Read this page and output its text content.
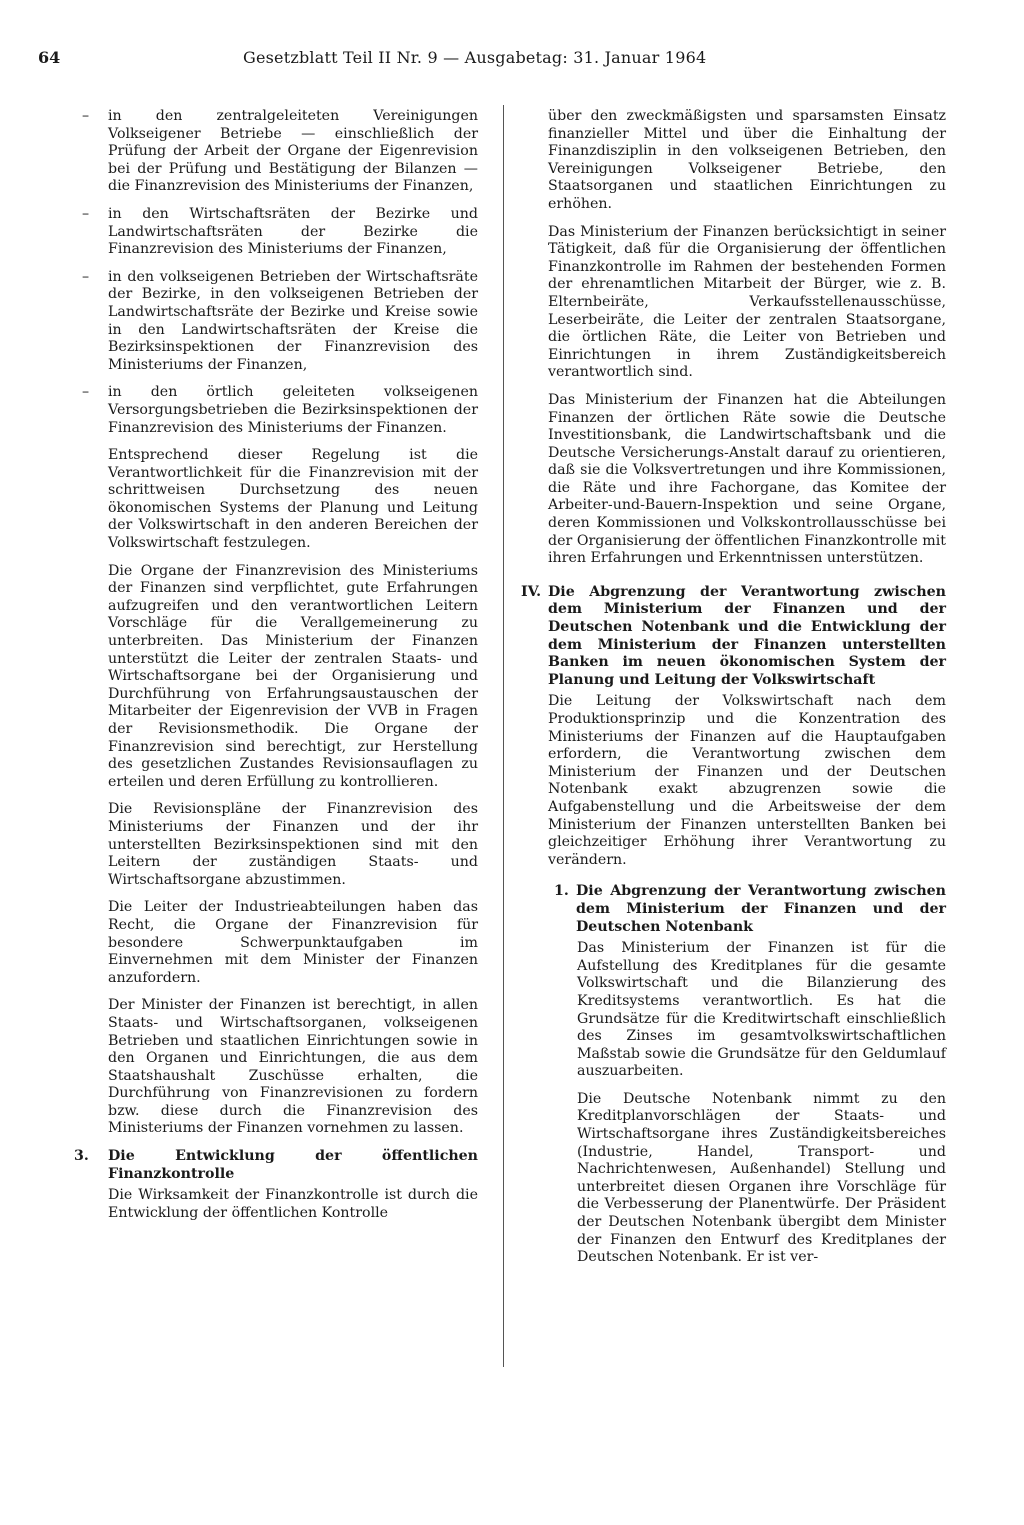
64	Gesetzblatt Teil II Nr. 9 — Ausgabetag: 31. Januar 1964

– in den zentralgeleiteten Vereinigungen Volkseigener Betriebe — einschließlich der Prüfung der Arbeit der Organe der Eigenrevision bei der Prüfung und Bestätigung der Bilanzen — die Finanzrevision des Ministeriums der Finanzen,

– in den Wirtschaftsräten der Bezirke und Landwirtschaftsräten der Bezirke die Finanzrevision des Ministeriums der Finanzen,

– in den volkseigenen Betrieben der Wirtschaftsräte der Bezirke, in den volkseigenen Betrieben der Landwirtschaftsräte der Bezirke und Kreise sowie in den Landwirtschaftsräten der Kreise die Bezirksinspektionen der Finanzrevision des Ministeriums der Finanzen,

– in den örtlich geleiteten volkseigenen Versorgungsbetrieben die Bezirksinspektionen der Finanzrevision des Ministeriums der Finanzen.

Entsprechend dieser Regelung ist die Verantwortlichkeit für die Finanzrevision mit der schrittweisen Durchsetzung des neuen ökonomischen Systems der Planung und Leitung der Volkswirtschaft in den anderen Bereichen der Volkswirtschaft festzulegen.

Die Organe der Finanzrevision des Ministeriums der Finanzen sind verpflichtet, gute Erfahrungen aufzugreifen und den verantwortlichen Leitern Vorschläge für die Verallgemeinerung zu unterbreiten. Das Ministerium der Finanzen unterstützt die Leiter der zentralen Staats- und Wirtschaftsorgane bei der Organisierung und Durchführung von Erfahrungsaustauschen der Mitarbeiter der Eigenrevision der VVB in Fragen der Revisionsmethodik. Die Organe der Finanzrevision sind berechtigt, zur Herstellung des gesetzlichen Zustandes Revisionsauflagen zu erteilen und deren Erfüllung zu kontrollieren.

Die Revisionspläne der Finanzrevision des Ministeriums der Finanzen und der ihr unterstellten Bezirksinspektionen sind mit den Leitern der zuständigen Staats- und Wirtschaftsorgane abzustimmen.

Die Leiter der Industrieabteilungen haben das Recht, die Organe der Finanzrevision für besondere Schwerpunktaufgaben im Einvernehmen mit dem Minister der Finanzen anzufordern.

Der Minister der Finanzen ist berechtigt, in allen Staats- und Wirtschaftsorganen, volkseigenen Betrieben und staatlichen Einrichtungen sowie in den Organen und Einrichtungen, die aus dem Staatshaushalt Zuschüsse erhalten, die Durchführung von Finanzrevisionen zu fordern bzw. diese durch die Finanzrevision des Ministeriums der Finanzen vornehmen zu lassen.

3.	Die Entwicklung der öffentlichen Finanzkontrolle

Die Wirksamkeit der Finanzkontrolle ist durch die Entwicklung der öffentlichen Kontrolle

über den zweckmäßigsten und sparsamsten Einsatz finanzieller Mittel und über die Einhaltung der Finanzdisziplin in den volkseigenen Betrieben, den Vereinigungen Volkseigener Betriebe, den Staatsorganen und staatlichen Einrichtungen zu erhöhen.

Das Ministerium der Finanzen berücksichtigt in seiner Tätigkeit, daß für die Organisierung der öffentlichen Finanzkontrolle im Rahmen der bestehenden Formen der ehrenamtlichen Mitarbeit der Bürger, wie z. B. Elternbeiräte, Verkaufsstellenausschüsse, Leserbeiräte, die Leiter der zentralen Staatsorgane, die örtlichen Räte, die Leiter von Betrieben und Einrichtungen in ihrem Zuständigkeitsbereich verantwortlich sind.

Das Ministerium der Finanzen hat die Abteilungen Finanzen der örtlichen Räte sowie die Deutsche Investitionsbank, die Landwirtschaftsbank und die Deutsche Versicherungs-Anstalt darauf zu orientieren, daß sie die Volksvertretungen und ihre Kommissionen, die Räte und ihre Fachorgane, das Komitee der Arbeiter-und-Bauern-Inspektion und seine Organe, deren Kommissionen und Volkskontrollausschüsse bei der Organisierung der öffentlichen Finanzkontrolle mit ihren Erfahrungen und Erkenntnissen unterstützen.

IV. Die Abgrenzung der Verantwortung zwischen dem Ministerium der Finanzen und der Deutschen Notenbank und die Entwicklung der dem Ministerium der Finanzen unterstellten Banken im neuen ökonomischen System der Planung und Leitung der Volkswirtschaft

Die Leitung der Volkswirtschaft nach dem Produktionsprinzip und die Konzentration des Ministeriums der Finanzen auf die Hauptaufgaben erfordern, die Verantwortung zwischen dem Ministerium der Finanzen und der Deutschen Notenbank exakt abzugrenzen sowie die Aufgabenstellung und die Arbeitsweise der dem Ministerium der Finanzen unterstellten Banken bei gleichzeitiger Erhöhung ihrer Verantwortung zu verändern.

1. Die Abgrenzung der Verantwortung zwischen dem Ministerium der Finanzen und der Deutschen Notenbank

Das Ministerium der Finanzen ist für die Aufstellung des Kreditplanes für die gesamte Volkswirtschaft und die Bilanzierung des Kreditsystems verantwortlich. Es hat die Grundsätze für die Kreditwirtschaft einschließlich des Zinses im gesamtvolkswirtschaftlichen Maßstab sowie die Grundsätze für den Geldumlauf auszuarbeiten.

Die Deutsche Notenbank nimmt zu den Kreditplanvorschlägen der Staats- und Wirtschaftsorgane ihres Zuständigkeitsbereiches (Industrie, Handel, Transport- und Nachrichtenwesen, Außenhandel) Stellung und unterbreitet diesen Organen ihre Vorschläge für die Verbesserung der Planentwürfe. Der Präsident der Deutschen Notenbank übergibt dem Minister der Finanzen den Entwurf des Kreditplanes der Deutschen Notenbank. Er ist ver-
